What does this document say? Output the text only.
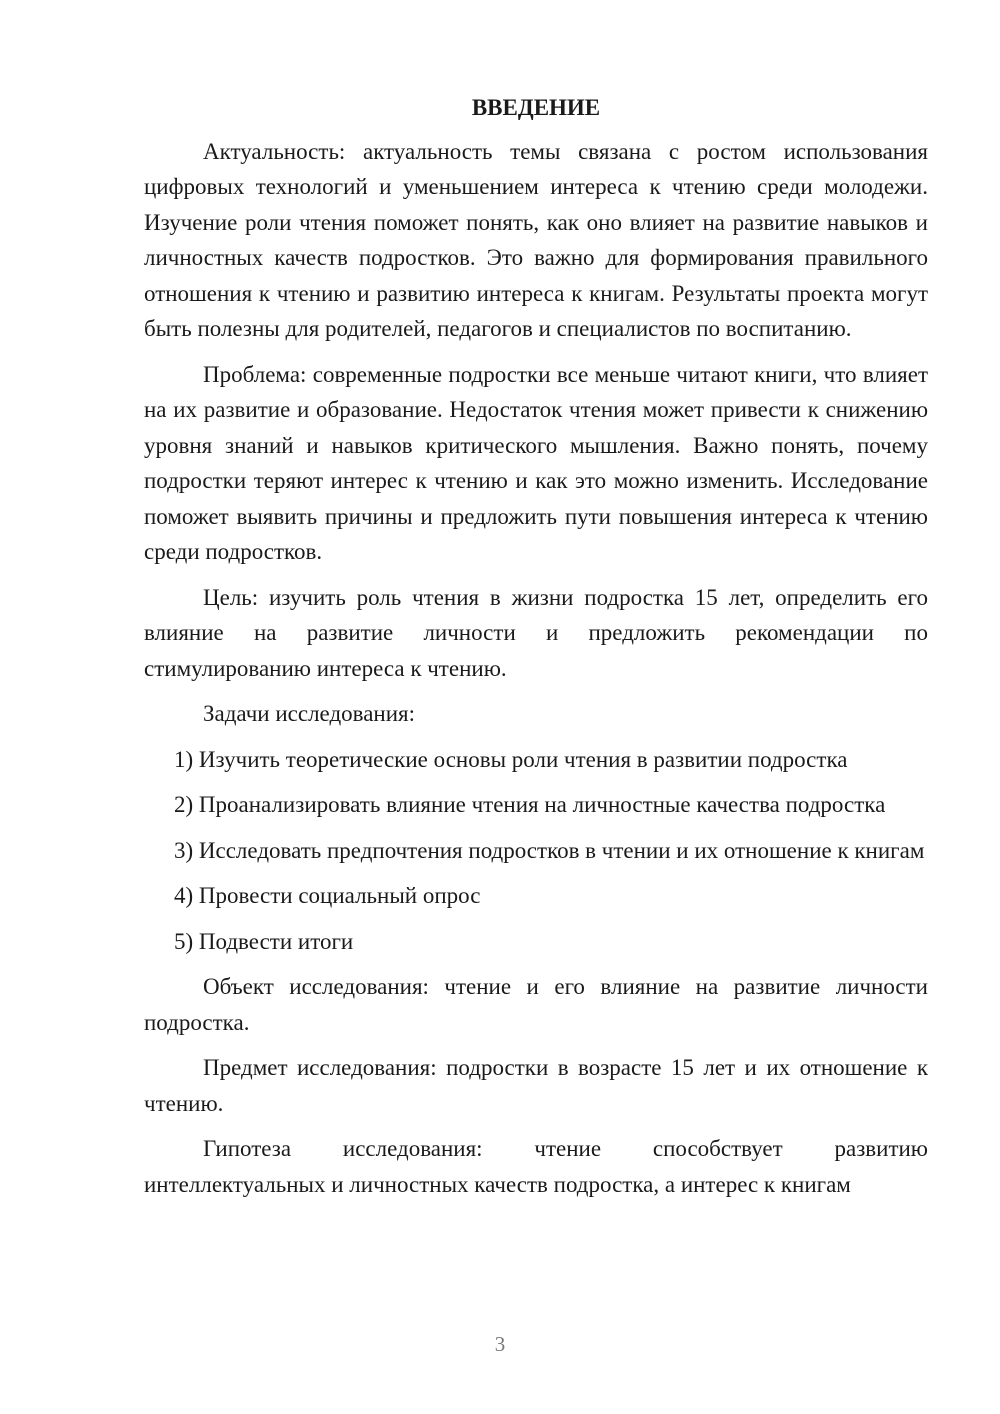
ВВЕДЕНИЕ

Актуальность: актуальность темы связана с ростом использования цифровых технологий и уменьшением интереса к чтению среди молодежи. Изучение роли чтения поможет понять, как оно влияет на развитие навыков и личностных качеств подростков. Это важно для формирования правильного отношения к чтению и развитию интереса к книгам. Результаты проекта могут быть полезны для родителей, педагогов и специалистов по воспитанию.

Проблема: современные подростки все меньше читают книги, что влияет на их развитие и образование. Недостаток чтения может привести к снижению уровня знаний и навыков критического мышления. Важно понять, почему подростки теряют интерес к чтению и как это можно изменить. Исследование поможет выявить причины и предложить пути повышения интереса к чтению среди подростков.

Цель: изучить роль чтения в жизни подростка 15 лет, определить его влияние на развитие личности и предложить рекомендации по стимулированию интереса к чтению.

Задачи исследования:

1) Изучить теоретические основы роли чтения в развитии подростка

2) Проанализировать влияние чтения на личностные качества подростка

3) Исследовать предпочтения подростков в чтении и их отношение к книгам

4) Провести социальный опрос

5) Подвести итоги

Объект исследования: чтение и его влияние на развитие личности подростка.

Предмет исследования: подростки в возрасте 15 лет и их отношение к чтению.

Гипотеза исследования: чтение способствует развитию интеллектуальных и личностных качеств подростка, а интерес к книгам

3
